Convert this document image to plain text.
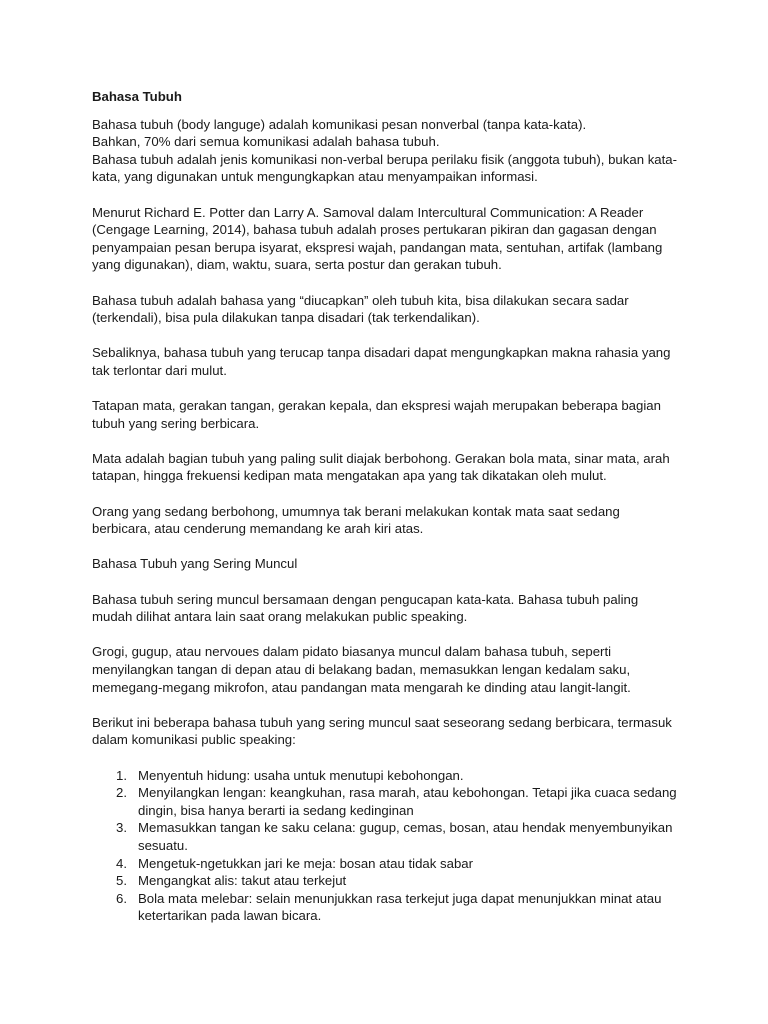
Bahasa Tubuh

Bahasa tubuh (body languge) adalah komunikasi pesan nonverbal (tanpa kata-kata).

Bahkan, 70% dari semua komunikasi adalah bahasa tubuh.

Bahasa tubuh adalah jenis komunikasi non-verbal berupa perilaku fisik (anggota tubuh), bukan kata-kata, yang digunakan untuk mengungkapkan atau menyampaikan informasi.

Menurut Richard E. Potter dan Larry A. Samoval dalam Intercultural Communication: A Reader (Cengage Learning, 2014), bahasa tubuh adalah proses pertukaran pikiran dan gagasan dengan penyampaian pesan berupa isyarat, ekspresi wajah, pandangan mata, sentuhan, artifak (lambang yang digunakan), diam, waktu, suara, serta postur dan gerakan tubuh.

Bahasa tubuh adalah bahasa yang “diucapkan” oleh tubuh kita, bisa dilakukan secara sadar (terkendali), bisa pula dilakukan tanpa disadari (tak terkendalikan).

Sebaliknya, bahasa tubuh yang terucap tanpa disadari dapat mengungkapkan makna rahasia yang tak terlontar dari mulut.

Tatapan mata, gerakan tangan, gerakan kepala, dan ekspresi wajah merupakan beberapa bagian tubuh yang sering berbicara.

Mata adalah bagian tubuh yang paling sulit diajak berbohong. Gerakan bola mata, sinar mata, arah tatapan, hingga frekuensi kedipan mata mengatakan apa yang tak dikatakan oleh mulut.

Orang yang sedang berbohong, umumnya tak berani melakukan kontak mata saat sedang berbicara, atau cenderung memandang ke arah kiri atas.

Bahasa Tubuh yang Sering Muncul

Bahasa tubuh sering muncul bersamaan dengan pengucapan kata-kata. Bahasa tubuh paling mudah dilihat antara lain saat orang melakukan public speaking.

Grogi, gugup, atau nervoues dalam pidato biasanya muncul dalam bahasa tubuh, seperti menyilangkan tangan di depan atau di belakang badan, memasukkan lengan kedalam saku, memegang-megang mikrofon, atau pandangan mata mengarah ke dinding atau langit-langit.

Berikut ini beberapa bahasa tubuh yang sering muncul saat seseorang sedang berbicara, termasuk dalam komunikasi public speaking:

1. Menyentuh hidung: usaha untuk menutupi kebohongan.
2. Menyilangkan lengan: keangkuhan, rasa marah, atau kebohongan. Tetapi jika cuaca sedang dingin, bisa hanya berarti ia sedang kedinginan
3. Memasukkan tangan ke saku celana: gugup, cemas, bosan, atau hendak menyembunyikan sesuatu.
4. Mengetuk-ngetukkan jari ke meja: bosan atau tidak sabar
5. Mengangkat alis: takut atau terkejut
6. Bola mata melebar: selain menunjukkan rasa terkejut juga dapat menunjukkan minat atau ketertarikan pada lawan bicara.
